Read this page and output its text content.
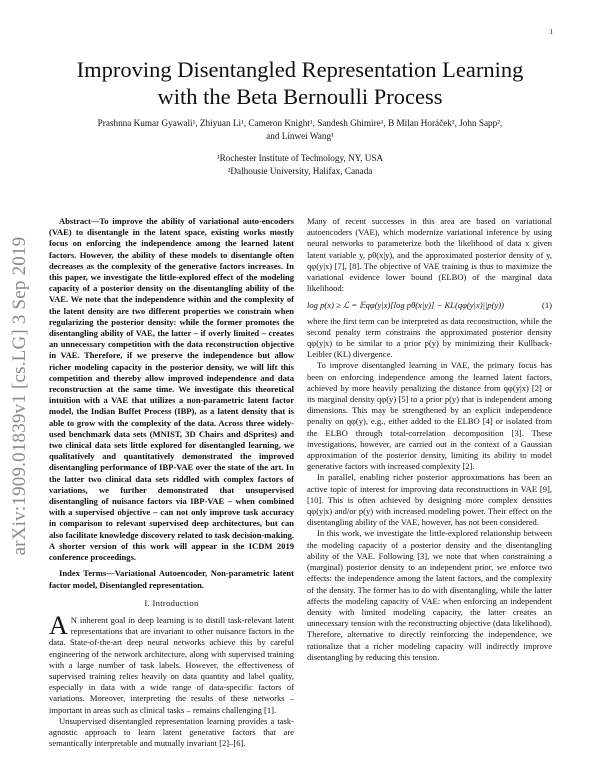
1
arXiv:1909.01839v1 [cs.LG] 3 Sep 2019
Improving Disentangled Representation Learning
with the Beta Bernoulli Process
Prashnna Kumar Gyawali¹, Zhiyuan Li¹, Cameron Knight¹, Sandesh Ghimire¹, B Milan Horáček², John Sapp²,
and Linwei Wang¹
¹Rochester Institute of Technology, NY, USA
²Dalhousie University, Halifax, Canada

Abstract—To improve the ability of variational auto-encoders (VAE) to disentangle in the latent space, existing works mostly focus on enforcing the independence among the learned latent factors. However, the ability of these models to disentangle often decreases as the complexity of the generative factors increases. In this paper, we investigate the little-explored effect of the modeling capacity of a posterior density on the disentangling ability of the VAE. We note that the independence within and the complexity of the latent density are two different properties we constrain when regularizing the posterior density: while the former promotes the disentangling ability of VAE, the latter – if overly limited – creates an unnecessary competition with the data reconstruction objective in VAE. Therefore, if we preserve the independence but allow richer modeling capacity in the posterior density, we will lift this competition and thereby allow improved independence and data reconstruction at the same time. We investigate this theoretical intuition with a VAE that utilizes a non-parametric latent factor model, the Indian Buffet Process (IBP), as a latent density that is able to grow with the complexity of the data. Across three widely-used benchmark data sets (MNIST, 3D Chairs and dSprites) and two clinical data sets little explored for disentangled learning, we qualitatively and quantitatively demonstrated the improved disentangling performance of IBP-VAE over the state of the art. In the latter two clinical data sets riddled with complex factors of variations, we further demonstrated that unsupervised disentangling of nuisance factors via IBP-VAE – when combined with a supervised objective – can not only improve task accuracy in comparison to relevant supervised deep architectures, but can also facilitate knowledge discovery related to task decision-making. A shorter version of this work will appear in the ICDM 2019 conference proceedings.

Index Terms—Variational Autoencoder, Non-parametric latent factor model, Disentangled representation.

I. Introduction

A N inherent goal in deep learning is to distill task-relevant latent representations that are invariant to other nuisance factors in the data. State-of-the-art deep neural networks achieve this by careful engineering of the network architecture, along with supervised training with a large number of task labels. However, the effectiveness of supervised training relies heavily on data quantity and label quality, especially in data with a wide range of data-specific factors of variations. Moreover, interpreting the results of these networks – important in areas such as clinical tasks – remains challenging [1].

Unsupervised disentangled representation learning provides a task-agnostic approach to learn latent generative factors that are semantically interpretable and mutually invariant [2]–[6].

Many of recent successes in this area are based on variational autoencoders (VAE), which modernize variational inference by using neural networks to parameterize both the likelihood of data x given latent variable y, pθ(x|y), and the approximated posterior density of y, qφ(y|x) [7], [8]. The objective of VAE training is thus to maximize the variational evidence lower bound (ELBO) of the marginal data likelihood:

log p(x) ≥ ℒ = 𝔼qφ(y|x)[log pθ(x|y)] − KL(qφ(y|x)||p(y))	(1)

where the first term can be interpreted as data reconstruction, while the second penalty term constrains the approximated posterior density qφ(y|x) to be similar to a prior p(y) by minimizing their Kullback-Leibler (KL) divergence.

To improve disentangled learning in VAE, the primary focus has been on enforcing independence among the learned latent factors, achieved by more heavily penalizing the distance from qφ(y|x) [2] or its marginal density qφ(y) [5] to a prior p(y) that is independent among dimensions. This may be strengthened by an explicit independence penalty on qφ(y), e.g., either added to the ELBO [4] or isolated from the ELBO through total-correlation decomposition [3]. These investigations, however, are carried out in the context of a Gaussian approximation of the posterior density, limiting its ability to model generative factors with increased complexity [2].

In parallel, enabling richer posterior approximations has been an active topic of interest for improving data reconstructions in VAE [9], [10]. This is often achieved by designing more complex densities qφ(y|x) and/or p(y) with increased modeling power. Their effect on the disentangling ability of the VAE, however, has not been considered.

In this work, we investigate the little-explored relationship between the modeling capacity of a posterior density and the disentangling ability of the VAE. Following [3], we note that when constraining a (marginal) posterior density to an independent prior, we enforce two effects: the independence among the latent factors, and the complexity of the density. The former has to do with disentangling, while the latter affects the modeling capacity of VAE: when enforcing an independent density with limited modeling capacity, the latter creates an unnecessary tension with the reconstructing objective (data likelihood). Therefore, alternative to directly reinforcing the independence, we rationalize that a richer modeling capacity will indirectly improve disentangling by reducing this tension.
